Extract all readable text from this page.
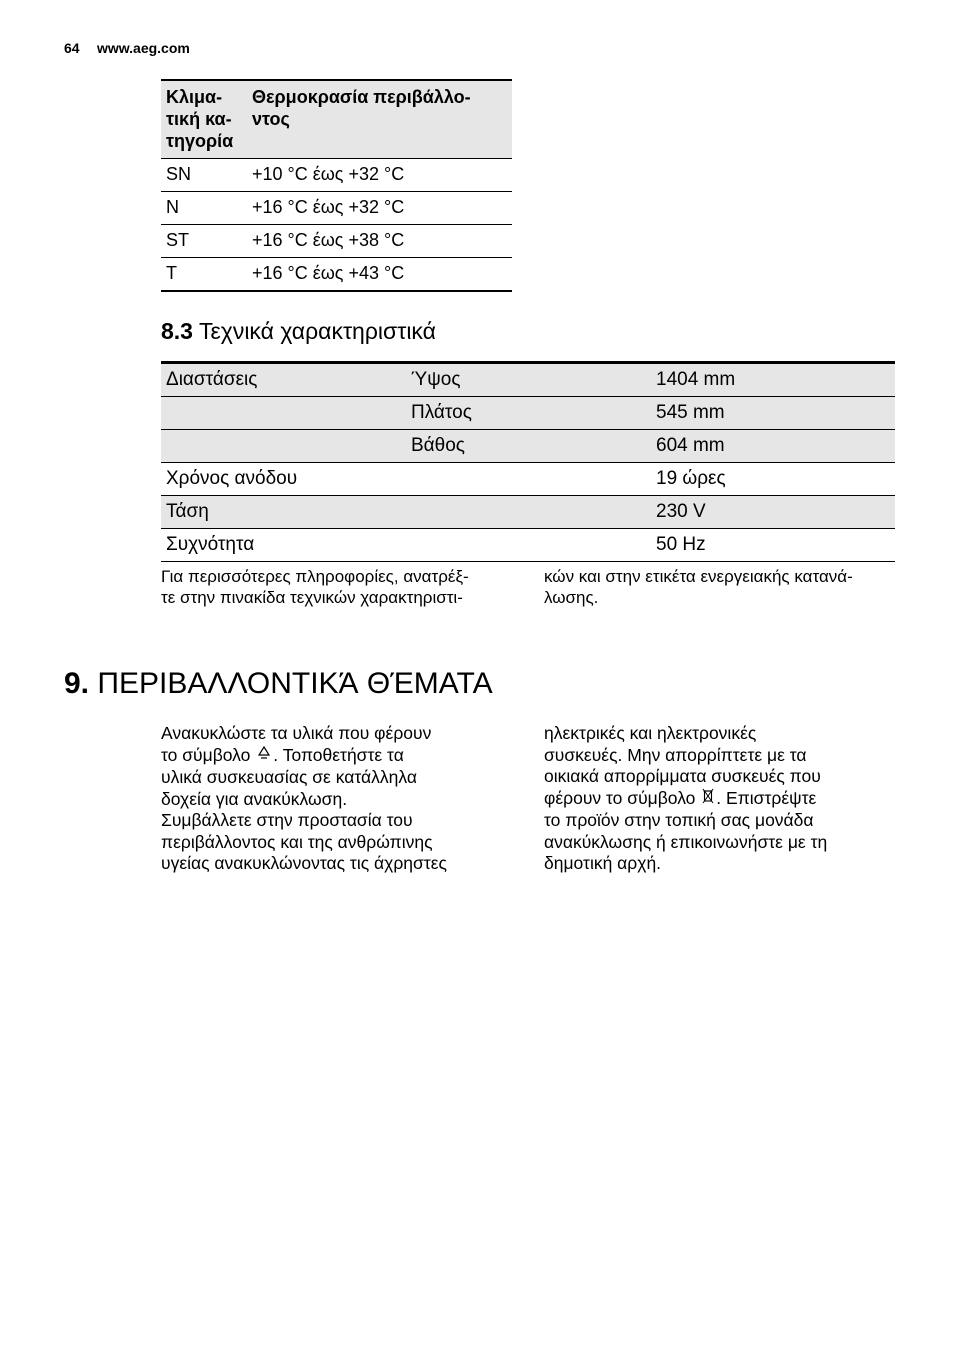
64 www.aeg.com
Κλιμα-
τική κα-
τηγορία	Θερμοκρασία περιβάλλο-
ντος
SN	+10 °C έως +32 °C
N	+16 °C έως +32 °C
ST	+16 °C έως +38 °C
T	+16 °C έως +43 °C
8.3 Τεχνικά χαρακτηριστικά
Διαστάσεις	Ύψος	1404 mm
	Πλάτος	545 mm
	Βάθος	604 mm
Χρόνος ανόδου		19 ώρες
Τάση		230 V
Συχνότητα		50 Hz
Για περισσότερες πληροφορίες, ανατρέξ-
τε στην πινακίδα τεχνικών χαρακτηριστι-
κών και στην ετικέτα ενεργειακής κατανά-
λωσης.
9. ΠΕΡΙΒΑΛΛΟΝΤΙΚΆ ΘΈΜΑΤΑ
Ανακυκλώστε τα υλικά που φέρουν
το σύμβολο . Τοποθετήστε τα
υλικά συσκευασίας σε κατάλληλα
δοχεία για ανακύκλωση.
Συμβάλλετε στην προστασία του
περιβάλλοντος και της ανθρώπινης
υγείας ανακυκλώνοντας τις άχρηστες
ηλεκτρικές και ηλεκτρονικές
συσκευές. Μην απορρίπτετε με τα
οικιακά απορρίμματα συσκευές που
φέρουν το σύμβολο . Επιστρέψτε
το προϊόν στην τοπική σας μονάδα
ανακύκλωσης ή επικοινωνήστε με τη
δημοτική αρχή.
